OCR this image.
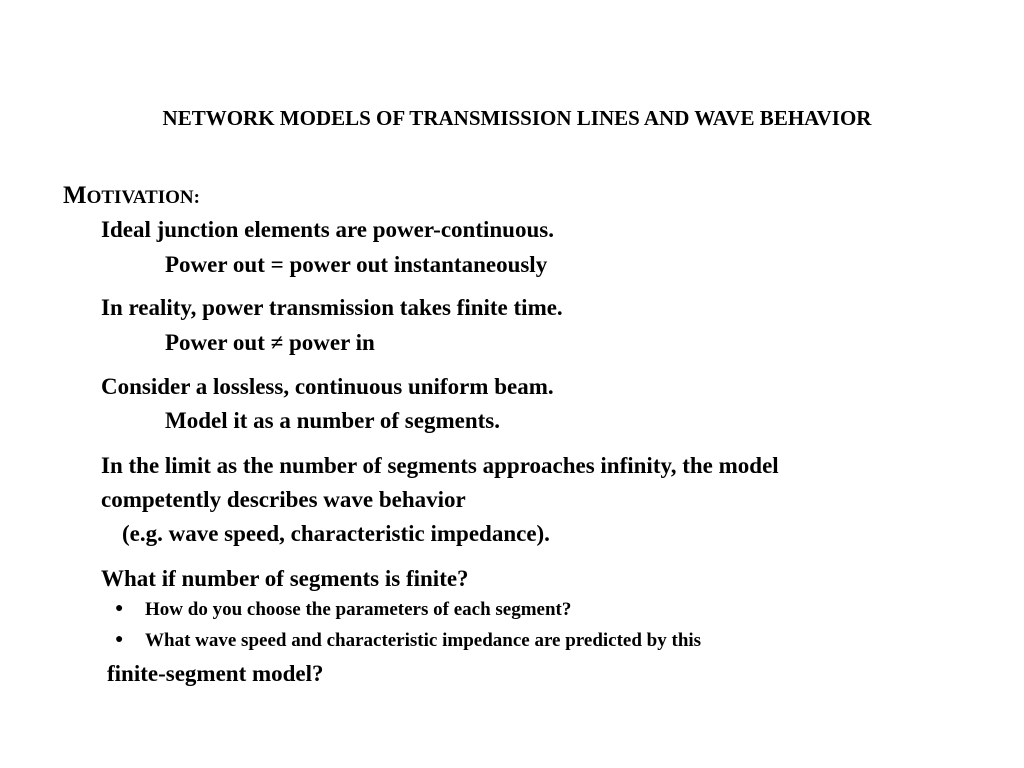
NETWORK MODELS OF TRANSMISSION LINES AND WAVE BEHAVIOR
MOTIVATION:
Ideal junction elements are power-continuous.
Power out = power out instantaneously
In reality, power transmission takes finite time.
Power out ≠ power in
Consider a lossless, continuous uniform beam.
Model it as a number of segments.
In the limit as the number of segments approaches infinity, the model
competently describes wave behavior
(e.g. wave speed, characteristic impedance).
What if number of segments is finite?
● How do you choose the parameters of each segment?
● What wave speed and characteristic impedance are predicted by this
finite-segment model?
